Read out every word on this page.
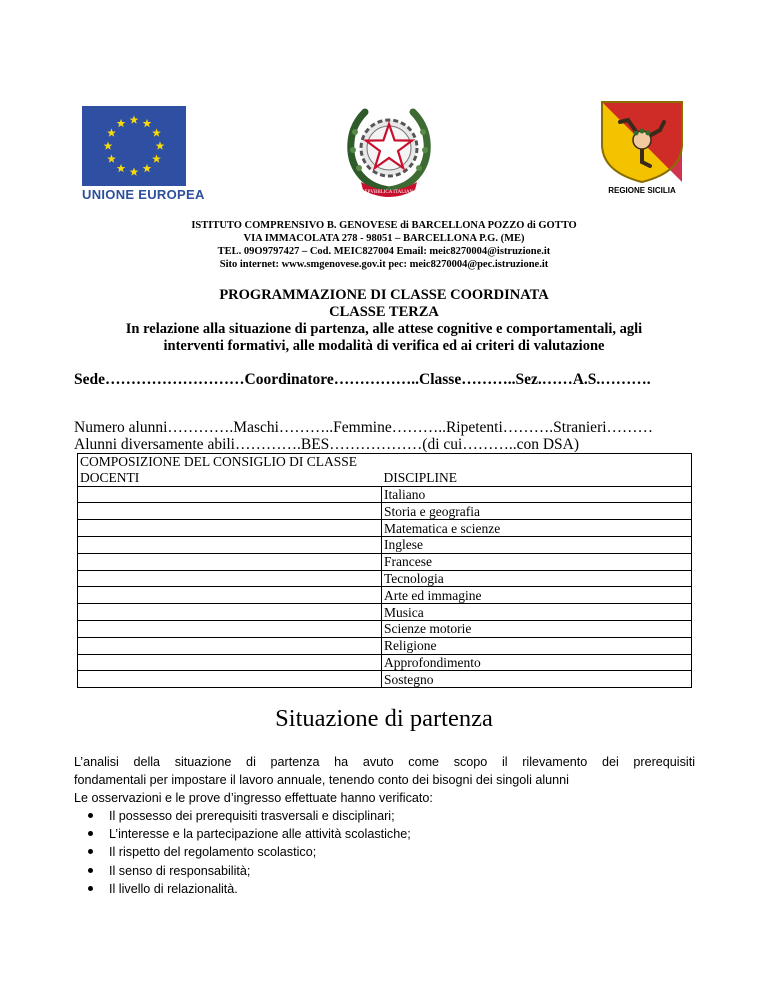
UNIONE EUROPEA	REPVBBLICA ITALIANA	REGIONE SICILIA
ISTITUTO COMPRENSIVO B. GENOVESE di BARCELLONA POZZO di GOTTO
VIA IMMACOLATA 278 - 98051 – BARCELLONA P.G. (ME)
TEL. 09O9797427 – Cod. MEIC827004 Email: meic8270004@istruzione.it
Sito internet: www.smgenovese.gov.it pec: meic8270004@pec.istruzione.it
PROGRAMMAZIONE DI CLASSE COORDINATA
CLASSE TERZA
In relazione alla situazione di partenza, alle attese cognitive e comportamentali, agli
interventi formativi, alle modalità di verifica ed ai criteri di valutazione
Sede………………………Coordinatore……………..Classe………..Sez.……A.S.……….
Numero alunni………….Maschi………..Femmine………..Ripetenti……….Stranieri………
Alunni diversamente abili………….BES………………(di cui………..con DSA)
COMPOSIZIONE DEL CONSIGLIO DI CLASSE	
DOCENTI	DISCIPLINE
	Italiano
	Storia e geografia
	Matematica e scienze
	Inglese
	Francese
	Tecnologia
	Arte ed immagine
	Musica
	Scienze motorie
	Religione
	Approfondimento
	Sostegno
Situazione di partenza
L’analisi della situazione di partenza ha avuto come scopo il rilevamento dei prerequisiti
fondamentali per impostare il lavoro annuale, tenendo conto dei bisogni dei singoli alunni
Le osservazioni e le prove d’ingresso effettuate hanno verificato:
Il possesso dei prerequisiti trasversali e disciplinari;
L’interesse e la partecipazione alle attività scolastiche;
Il rispetto del regolamento scolastico;
Il senso di responsabilità;
Il livello di relazionalità.
